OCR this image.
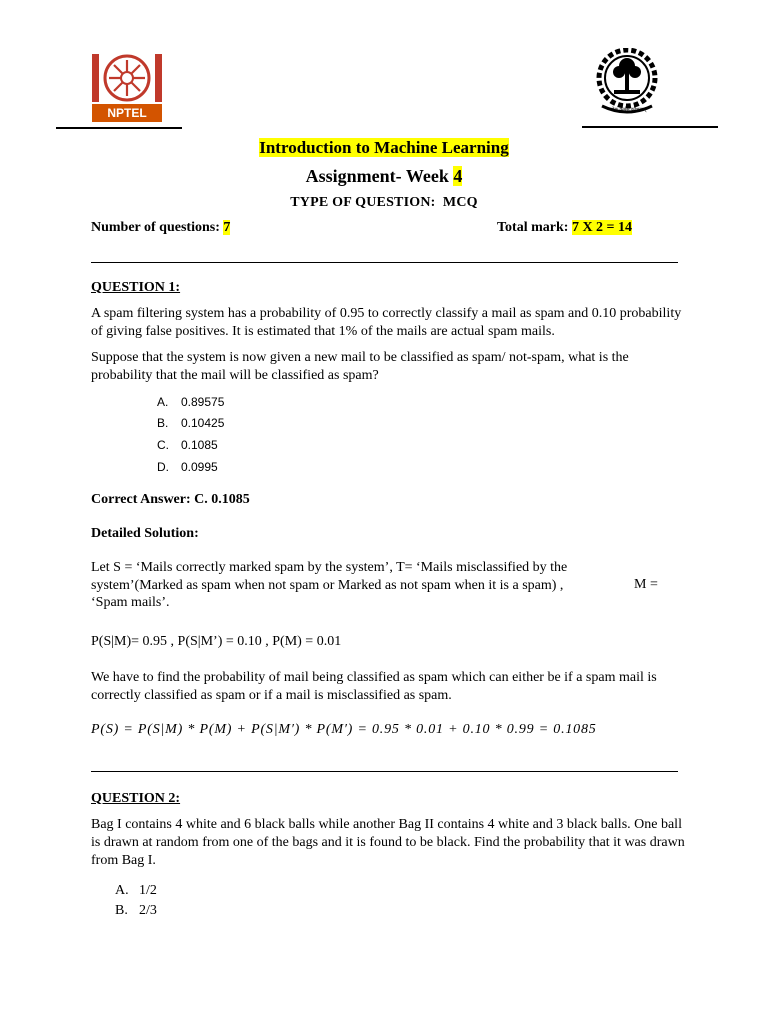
NPTEL	योगः कर्मसु कौशलम्
Introduction to Machine Learning
Assignment- Week 4
TYPE OF QUESTION: MCQ
Number of questions: 7	Total mark: 7 X 2 = 14
QUESTION 1:
A spam filtering system has a probability of 0.95 to correctly classify a mail as spam and 0.10 probability of giving false positives. It is estimated that 1% of the mails are actual spam mails.
Suppose that the system is now given a new mail to be classified as spam/ not-spam, what is the probability that the mail will be classified as spam?
A. 0.89575
B. 0.10425
C. 0.1085
D. 0.0995
Correct Answer: C. 0.1085
Detailed Solution:
Let S = ‘Mails correctly marked spam by the system’, T= ‘Mails misclassified by the system’(Marked as spam when not spam or Marked as not spam when it is a spam) ,	M =
‘Spam mails’.
P(S|M)= 0.95 , P(S|M’) = 0.10 , P(M) = 0.01
We have to find the probability of mail being classified as spam which can either be if a spam mail is correctly classified as spam or if a mail is misclassified as spam.
P(S) = P(S|M) * P(M) + P(S|M′) * P(M′) = 0.95 * 0.01 + 0.10 * 0.99 = 0.1085
QUESTION 2:
Bag I contains 4 white and 6 black balls while another Bag II contains 4 white and 3 black balls. One ball is drawn at random from one of the bags and it is found to be black. Find the probability that it was drawn from Bag I.
A. 1/2
B. 2/3
